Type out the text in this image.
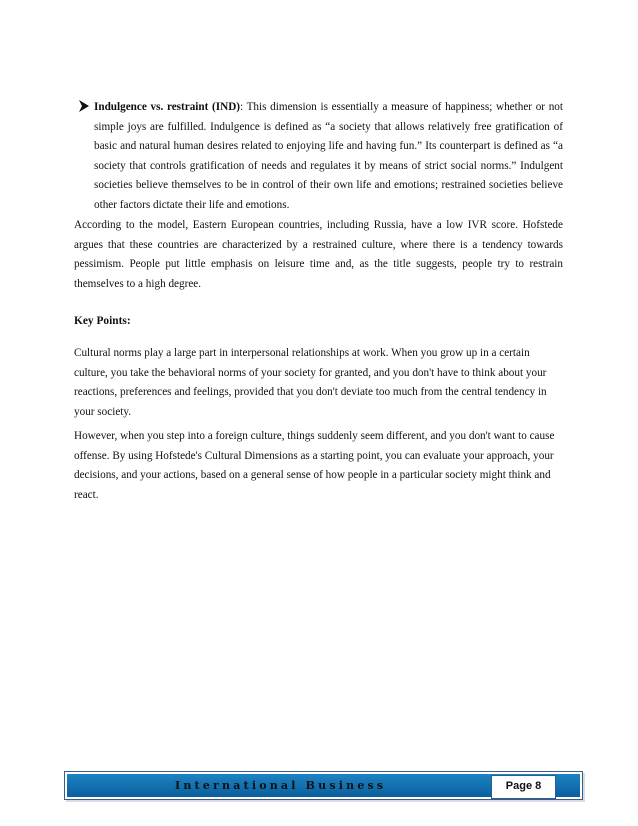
Indulgence vs. restraint (IND): This dimension is essentially a measure of happiness; whether or not simple joys are fulfilled. Indulgence is defined as “a society that allows relatively free gratification of basic and natural human desires related to enjoying life and having fun.” Its counterpart is defined as “a society that controls gratification of needs and regulates it by means of strict social norms.” Indulgent societies believe themselves to be in control of their own life and emotions; restrained societies believe other factors dictate their life and emotions.
According to the model, Eastern European countries, including Russia, have a low IVR score. Hofstede argues that these countries are characterized by a restrained culture, where there is a tendency towards pessimism. People put little emphasis on leisure time and, as the title suggests, people try to restrain themselves to a high degree.
Key Points:
Cultural norms play a large part in interpersonal relationships at work. When you grow up in a certain culture, you take the behavioral norms of your society for granted, and you don't have to think about your reactions, preferences and feelings, provided that you don't deviate too much from the central tendency in your society.
However, when you step into a foreign culture, things suddenly seem different, and you don't want to cause offense. By using Hofstede's Cultural Dimensions as a starting point, you can evaluate your approach, your decisions, and your actions, based on a general sense of how people in a particular society might think and react.
International Business	Page 8
